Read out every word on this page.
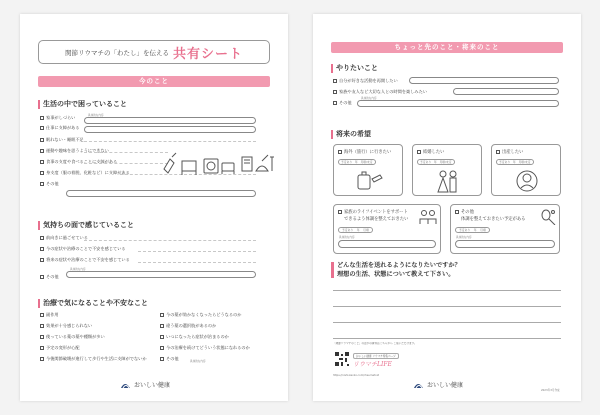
関節リウマチの「わたし」を伝える 共有シート
今のこと
生活の中で困っていること
家事がしづらい
仕事に支障がある
眠れない・睡眠不足
運動や趣味を思うようにできない
食事の支度や食べることに支障がある
身支度（服の着脱、化粧など）に支障がある
その他
具体的な内容
気持ちの面で感じていること
前向きに過ごせている
今の症状や治療のことで不安を感じている
将来の症状や治療のことで不安を感じている
その他
具体的な内容
治療で気になることや不安なこと
副作用
効果が十分感じられない
使っている薬の薬や種類が多い
予定の変形が心配
今後関節破壊が進行して歩行や生活に支障がでないか
今の薬が効かなくなったらどうなるのか
違う薬の選択肢があるのか
いつになったら症状が治まるのか
今の治療を続けてどういう状態になれるのか
その他
具体的な内容
おいしい健康
ちょっと先のこと・将来のこと
やりたいこと
自分が好きな活動を再開したい
家族や友人など大切な人との時間を楽しみたい
その他
具体的な内容
将来の希望
海外（旅行）に行きたい
予定あり 年 月頃/未定
結婚したい
予定あり 年 月頃/未定
出産したい
予定あり 年 月頃/未定
家族のライフイベントをサポート
できるよう体調を整えておきたい
予定あり 年 月頃
具体的な内容
その他
体調を整えておきたい予定がある
予定あり 年 月頃
具体的な内容
どんな生活を送れるようになりたいですか？
理想の生活、状態について教えて下さい。
「関節リウマチのこと」のほかの資料はこちらから ご覧いただけます。
おいしい健康 リウマチ特集ページ
リウマチLIFE
https://oishi-kenko.com/rheumatoid
おいしい健康
2023年3月作成
